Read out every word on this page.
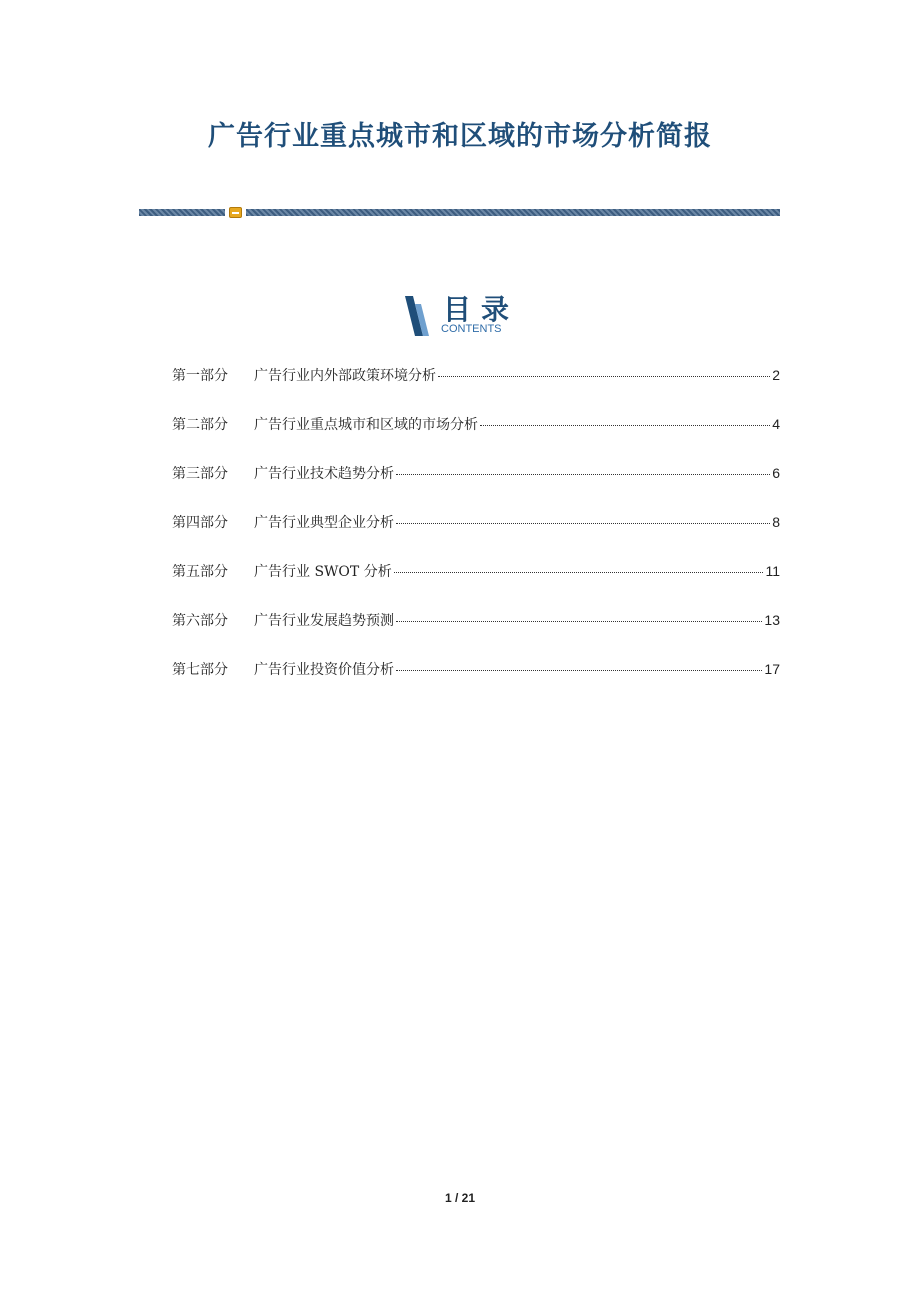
广告行业重点城市和区域的市场分析简报
目录
CONTENTS
第一部分	广告行业内外部政策环境分析	2
第二部分	广告行业重点城市和区域的市场分析	4
第三部分	广告行业技术趋势分析	6
第四部分	广告行业典型企业分析	8
第五部分	广告行业 SWOT 分析	11
第六部分	广告行业发展趋势预测	13
第七部分	广告行业投资价值分析	17
1 / 21
